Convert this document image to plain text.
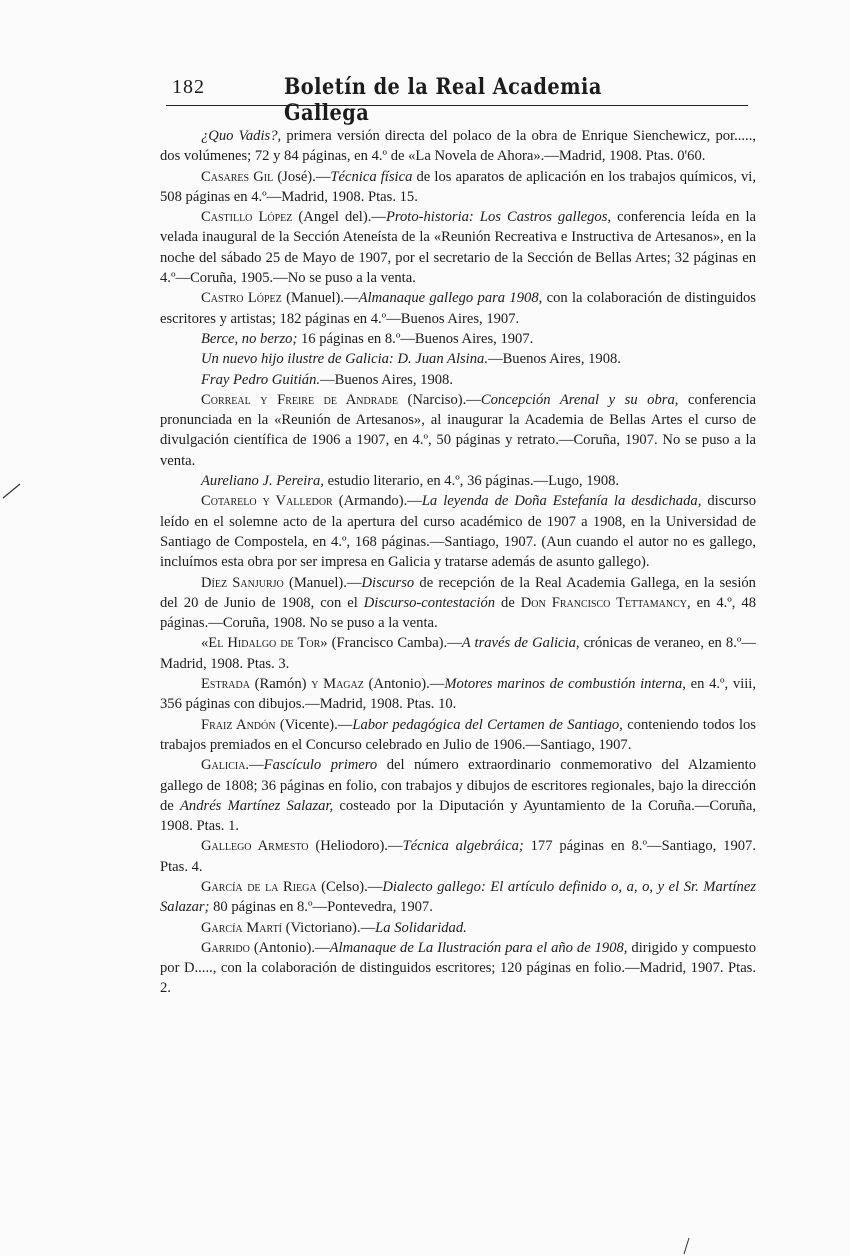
182	Boletín de la Real Academia Gallega

¿Quo Vadis?, primera versión directa del polaco de la obra de Enrique Sienchewicz, por....., dos volúmenes; 72 y 84 páginas, en 4.º de «La Novela de Ahora».—Madrid, 1908. Ptas. 0'60.

Casares Gil (José).—Técnica física de los aparatos de aplicación en los trabajos químicos, vi, 508 páginas en 4.º—Madrid, 1908. Ptas. 15.

Castillo López (Angel del).—Proto-historia: Los Castros gallegos, conferencia leída en la velada inaugural de la Sección Ateneísta de la «Reunión Recreativa e Instructiva de Artesanos», en la noche del sábado 25 de Mayo de 1907, por el secretario de la Sección de Bellas Artes; 32 páginas en 4.º—Coruña, 1905.—No se puso a la venta.

Castro López (Manuel).—Almanaque gallego para 1908, con la colaboración de distinguidos escritores y artistas; 182 páginas en 4.º—Buenos Aires, 1907.

Berce, no berzo; 16 páginas en 8.º—Buenos Aires, 1907.

Un nuevo hijo ilustre de Galicia: D. Juan Alsina.—Buenos Aires, 1908.

Fray Pedro Guitián.—Buenos Aires, 1908.

Correal y Freire de Andrade (Narciso).—Concepción Arenal y su obra, conferencia pronunciada en la «Reunión de Artesanos», al inaugurar la Academia de Bellas Artes el curso de divulgación científica de 1906 a 1907, en 4.º, 50 páginas y retrato.—Coruña, 1907. No se puso a la venta.

Aureliano J. Pereira, estudio literario, en 4.º, 36 páginas.—Lugo, 1908.

Cotarelo y Valledor (Armando).—La leyenda de Doña Estefanía la desdichada, discurso leído en el solemne acto de la apertura del curso académico de 1907 a 1908, en la Universidad de Santiago de Compostela, en 4.º, 168 páginas.—Santiago, 1907. (Aun cuando el autor no es gallego, incluímos esta obra por ser impresa en Galicia y tratarse además de asunto gallego).

Díez Sanjurjo (Manuel).—Discurso de recepción de la Real Academia Gallega, en la sesión del 20 de Junio de 1908, con el Discurso-contestación de Don Francisco Tettamancy, en 4.º, 48 páginas.—Coruña, 1908. No se puso a la venta.

«El Hidalgo de Tor» (Francisco Camba).—A través de Galicia, crónicas de veraneo, en 8.º—Madrid, 1908. Ptas. 3.

Estrada (Ramón) y Magaz (Antonio).—Motores marinos de combustión interna, en 4.º, viii, 356 páginas con dibujos.—Madrid, 1908. Ptas. 10.

Fraiz Andón (Vicente).—Labor pedagógica del Certamen de Santiago, conteniendo todos los trabajos premiados en el Concurso celebrado en Julio de 1906.—Santiago, 1907.

Galicia.—Fascículo primero del número extraordinario conmemorativo del Alzamiento gallego de 1808; 36 páginas en folio, con trabajos y dibujos de escritores regionales, bajo la dirección de Andrés Martínez Salazar, costeado por la Diputación y Ayuntamiento de la Coruña.—Coruña, 1908. Ptas. 1.

Gallego Armesto (Heliodoro).—Técnica algebráica; 177 páginas en 8.º—Santiago, 1907. Ptas. 4.

García de la Riega (Celso).—Dialecto gallego: El artículo definido o, a, o, y el Sr. Martínez Salazar; 80 páginas en 8.º—Pontevedra, 1907.

García Martí (Victoriano).—La Solidaridad.

Garrido (Antonio).—Almanaque de La Ilustración para el año de 1908, dirigido y compuesto por D....., con la colaboración de distinguidos escritores; 120 páginas en folio.—Madrid, 1907. Ptas. 2.
